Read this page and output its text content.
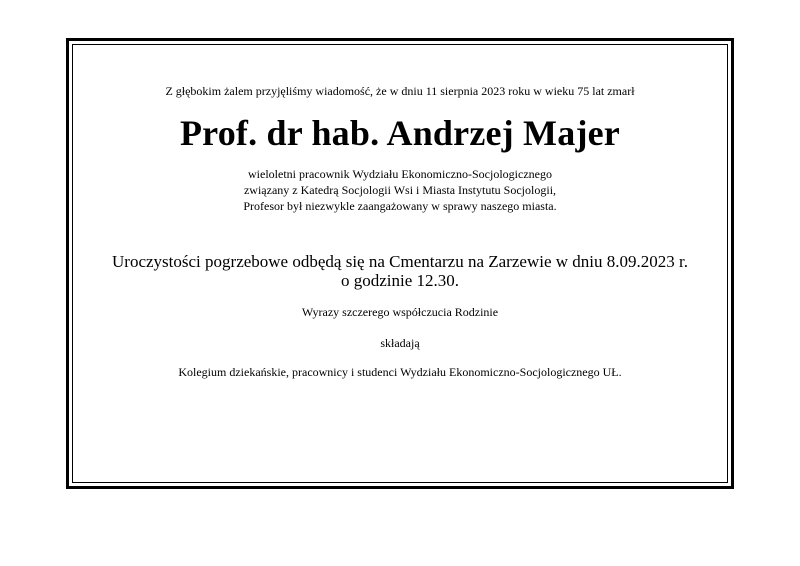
Z głębokim żalem przyjęliśmy wiadomość, że w dniu 11 sierpnia 2023 roku w wieku 75 lat zmarł
Prof. dr hab. Andrzej Majer
wieloletni pracownik Wydziału Ekonomiczno-Socjologicznego
związany z Katedrą Socjologii Wsi i Miasta Instytutu Socjologii,
Profesor był niezwykle zaangażowany w sprawy naszego miasta.
Uroczystości pogrzebowe odbędą się na Cmentarzu na Zarzewie w dniu 8.09.2023 r.
o godzinie 12.30.
Wyrazy szczerego współczucia Rodzinie
składają
Kolegium dziekańskie, pracownicy i studenci Wydziału Ekonomiczno-Socjologicznego UŁ.
